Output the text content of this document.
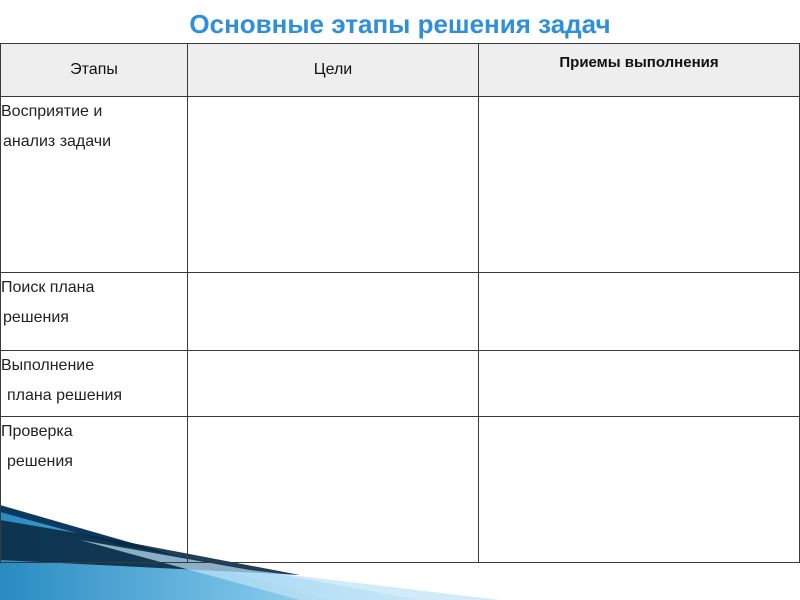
Основные этапы решения задач
Этапы	Цели	Приемы выполнения

Восприятие и
анализ задачи		

Поиск плана
решения		

Выполнение
плана решения		

Проверка
решения		
